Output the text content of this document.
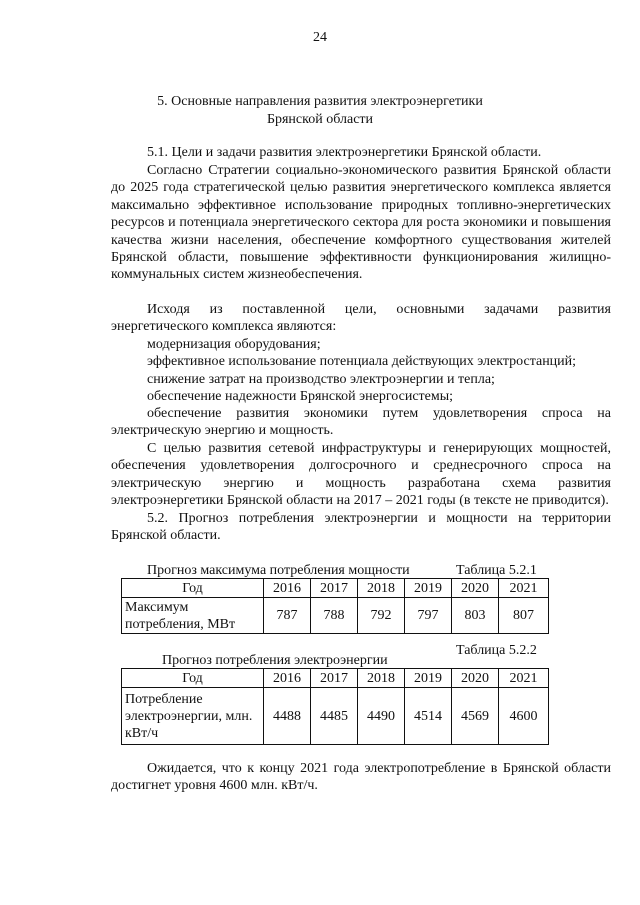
24
5. Основные направления развития электроэнергетики
Брянской области
5.1. Цели и задачи развития электроэнергетики Брянской области.
Согласно Стратегии социально-экономического развития Брянской области до 2025 года стратегической целью развития энергетического комплекса является максимально эффективное использование природных топливно-энергетических ресурсов и потенциала энергетического сектора для роста экономики и повышения качества жизни населения, обеспечение комфортного существования жителей Брянской области, повышение эффективности функционирования жилищно-коммунальных систем жизнеобеспечения.
Исходя из поставленной цели, основными задачами развития энергетического комплекса являются:
модернизация оборудования;
эффективное использование потенциала действующих электростанций;
снижение затрат на производство электроэнергии и тепла;
обеспечение надежности Брянской энергосистемы;
обеспечение развития экономики путем удовлетворения спроса на электрическую энергию и мощность.
С целью развития сетевой инфраструктуры и генерирующих мощностей, обеспечения удовлетворения долгосрочного и среднесрочного спроса на электрическую энергию и мощность разработана схема развития электроэнергетики Брянской области на 2017 – 2021 годы (в тексте не приводится).
5.2. Прогноз потребления электроэнергии и мощности на территории Брянской области.
Прогноз максимума потребления мощности	Таблица 5.2.1
Год	2016	2017	2018	2019	2020	2021
Максимум потребления, МВт	787	788	792	797	803	807
Таблица 5.2.2
Прогноз потребления электроэнергии
Год	2016	2017	2018	2019	2020	2021
Потребление электроэнергии, млн. кВт/ч	4488	4485	4490	4514	4569	4600
Ожидается, что к концу 2021 года электропотребление в Брянской области достигнет уровня 4600 млн. кВт/ч.
